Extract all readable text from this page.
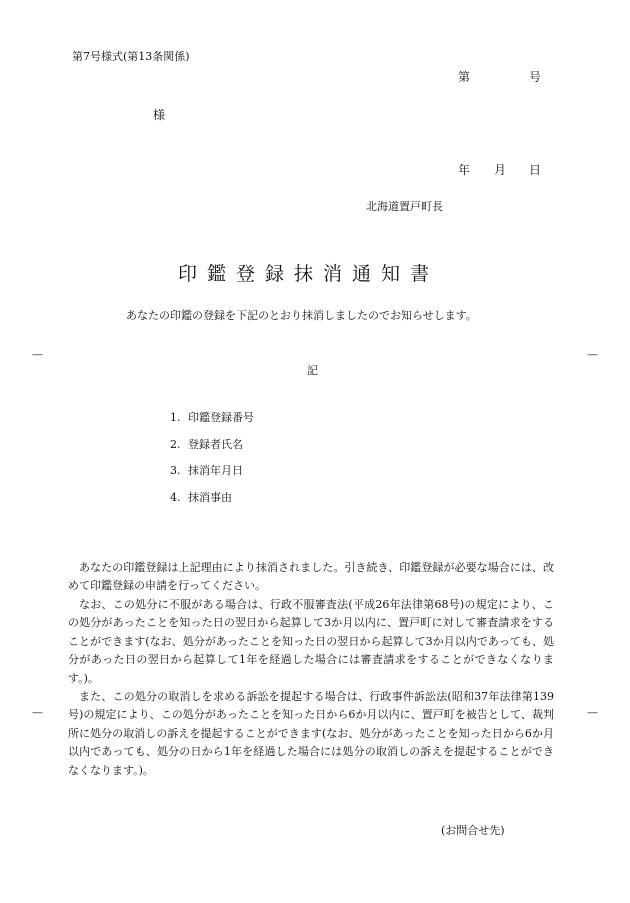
第7号様式(第13条関係)
第	号
様
年 月 日
北海道置戸町長
印鑑登録抹消通知書
あなたの印鑑の登録を下記のとおり抹消しましたのでお知らせします。
—	—
記
1. 印鑑登録番号
2. 登録者氏名
3. 抹消年月日
4. 抹消事由

あなたの印鑑登録は上記理由により抹消されました。引き続き、印鑑登録が必要な場合には、改めて印鑑登録の申請を行ってください。

なお、この処分に不服がある場合は、行政不服審査法(平成26年法律第68号)の規定により、この処分があったことを知った日の翌日から起算して3か月以内に、置戸町に対して審査請求をすることができます(なお、処分があったことを知った日の翌日から起算して3か月以内であっても、処分があった日の翌日から起算して1年を経過した場合には審査請求をすることができなくなります。)。

また、この処分の取消しを求める訴訟を提起する場合は、行政事件訴訟法(昭和37年法律第139号)の規定により、この処分があったことを知った日から6か月以内に、置戸町を被告として、裁判所に処分の取消しの訴えを提起することができます(なお、処分があったことを知った日から6か月以内であっても、処分の日から1年を経過した場合には処分の取消しの訴えを提起することができなくなります。)。

—	—
(お問合せ先)
